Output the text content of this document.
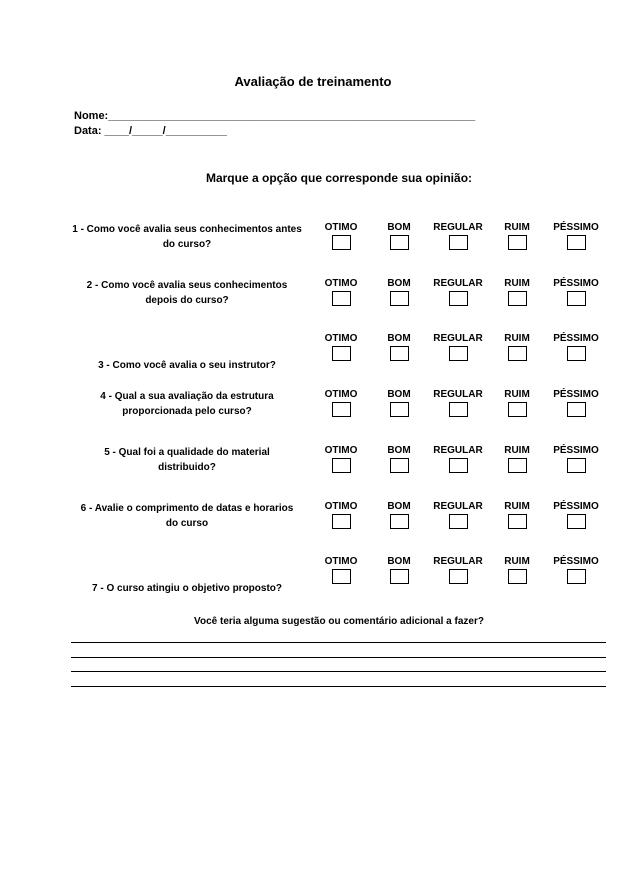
Avaliação de treinamento
Nome:____________________________________________________________
Data: ____/_____/__________
Marque a opção que corresponde sua opinião:
1 - Como você avalia seus conhecimentos antes
do curso?
OTIMO	BOM	REGULAR	RUIM	PÉSSIMO
2 - Como você avalia seus conhecimentos
depois do curso?
OTIMO	BOM	REGULAR	RUIM	PÉSSIMO
3 - Como você avalia o seu instrutor?
OTIMO	BOM	REGULAR	RUIM	PÉSSIMO
4 - Qual a sua avaliação da estrutura
proporcionada pelo curso?
OTIMO	BOM	REGULAR	RUIM	PÉSSIMO
5 - Qual foi a qualidade do material
distribuido?
OTIMO	BOM	REGULAR	RUIM	PÉSSIMO
6 - Avalie o comprimento de datas e horarios
do curso
OTIMO	BOM	REGULAR	RUIM	PÉSSIMO
7 - O curso atingiu o objetivo proposto?
OTIMO	BOM	REGULAR	RUIM	PÉSSIMO
Você teria alguma sugestão ou comentário adicional a fazer?
